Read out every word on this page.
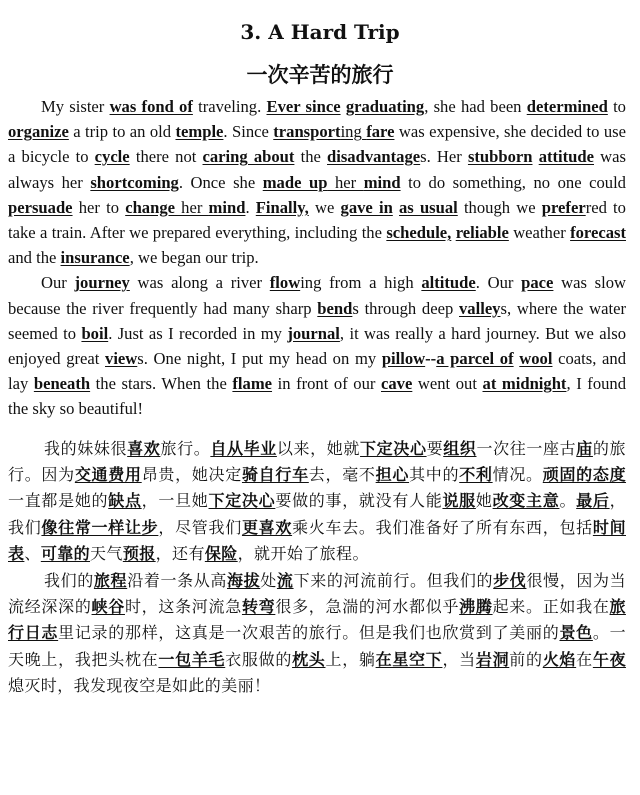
3. A Hard Trip
一次辛苦的旅行

My sister was fond of traveling. Ever since graduating, she had been determined to organize a trip to an old temple. Since transporting fare was expensive, she decided to use a bicycle to cycle there not caring about the disadvantages. Her stubborn attitude was always her shortcoming. Once she made up her mind to do something, no one could persuade her to change her mind. Finally, we gave in as usual though we preferred to take a train. After we prepared everything, including the schedule, reliable weather forecast and the insurance, we began our trip.

Our journey was along a river flowing from a high altitude. Our pace was slow because the river frequently had many sharp bends through deep valleys, where the water seemed to boil. Just as I recorded in my journal, it was really a hard journey. But we also enjoyed great views. One night, I put my head on my pillow--a parcel of wool coats, and lay beneath the stars. When the flame in front of our cave went out at midnight, I found the sky so beautiful!

我的妹妹很喜欢旅行。自从毕业以来，她就下定决心要组织一次往一座古庙的旅行。因为交通费用昂贵，她决定骑自行车去，毫不担心其中的不利情况。顽固的态度一直都是她的缺点，一旦她下定决心要做的事，就没有人能说服她改变主意。最后，我们像往常一样让步，尽管我们更喜欢乘火车去。我们准备好了所有东西，包括时间表、可靠的天气预报，还有保险，就开始了旅程。

我们的旅程沿着一条从高海拔处流下来的河流前行。但我们的步伐很慢，因为当流经深深的峡谷时，这条河流急转弯很多，急湍的河水都似乎沸腾起来。正如我在旅行日志里记录的那样，这真是一次艰苦的旅行。但是我们也欣赏到了美丽的景色。一天晚上，我把头枕在一包羊毛衣服做的枕头上，躺在星空下，当岩洞前的火焰在午夜熄灭时，我发现夜空是如此的美丽！
